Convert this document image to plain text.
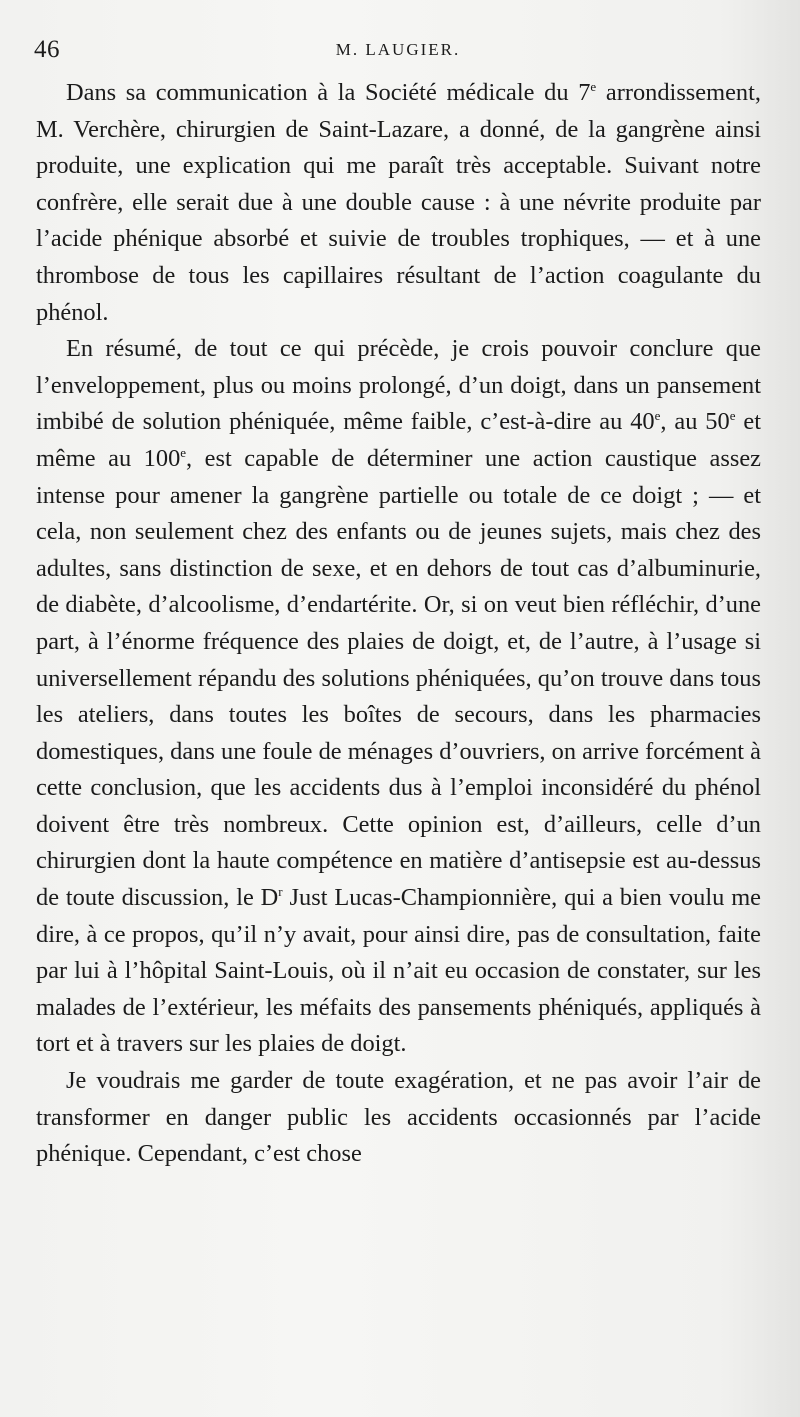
46	M. LAUGIER.

Dans sa communication à la Société médicale du 7e arrondissement, M. Verchère, chirurgien de Saint-Lazare, a donné, de la gangrène ainsi produite, une explication qui me paraît très acceptable. Suivant notre confrère, elle serait due à une double cause : à une névrite produite par l’acide phénique absorbé et suivie de troubles trophiques, — et à une thrombose de tous les capillaires résultant de l’action coagulante du phénol.

En résumé, de tout ce qui précède, je crois pouvoir conclure que l’enveloppement, plus ou moins prolongé, d’un doigt, dans un pansement imbibé de solution phéniquée, même faible, c’est-à-dire au 40e, au 50e et même au 100e, est capable de déterminer une action caustique assez intense pour amener la gangrène partielle ou totale de ce doigt ; — et cela, non seulement chez des enfants ou de jeunes sujets, mais chez des adultes, sans distinction de sexe, et en dehors de tout cas d’albuminurie, de diabète, d’alcoolisme, d’endartérite. Or, si on veut bien réfléchir, d’une part, à l’énorme fréquence des plaies de doigt, et, de l’autre, à l’usage si universellement répandu des solutions phéniquées, qu’on trouve dans tous les ateliers, dans toutes les boîtes de secours, dans les pharmacies domestiques, dans une foule de ménages d’ouvriers, on arrive forcément à cette conclusion, que les accidents dus à l’emploi inconsidéré du phénol doivent être très nombreux. Cette opinion est, d’ailleurs, celle d’un chirurgien dont la haute compétence en matière d’antisepsie est au-dessus de toute discussion, le $D^r$ Just Lucas-Championnière, qui a bien voulu me dire, à ce propos, qu’il n’y avait, pour ainsi dire, pas de consultation, faite par lui à l’hôpital Saint-Louis, où il n’ait eu occasion de constater, sur les malades de l’extérieur, les méfaits des pansements phéniqués, appliqués à tort et à travers sur les plaies de doigt.

Je voudrais me garder de toute exagération, et ne pas avoir l’air de transformer en danger public les accidents occasionnés par l’acide phénique. Cependant, c’est chose
